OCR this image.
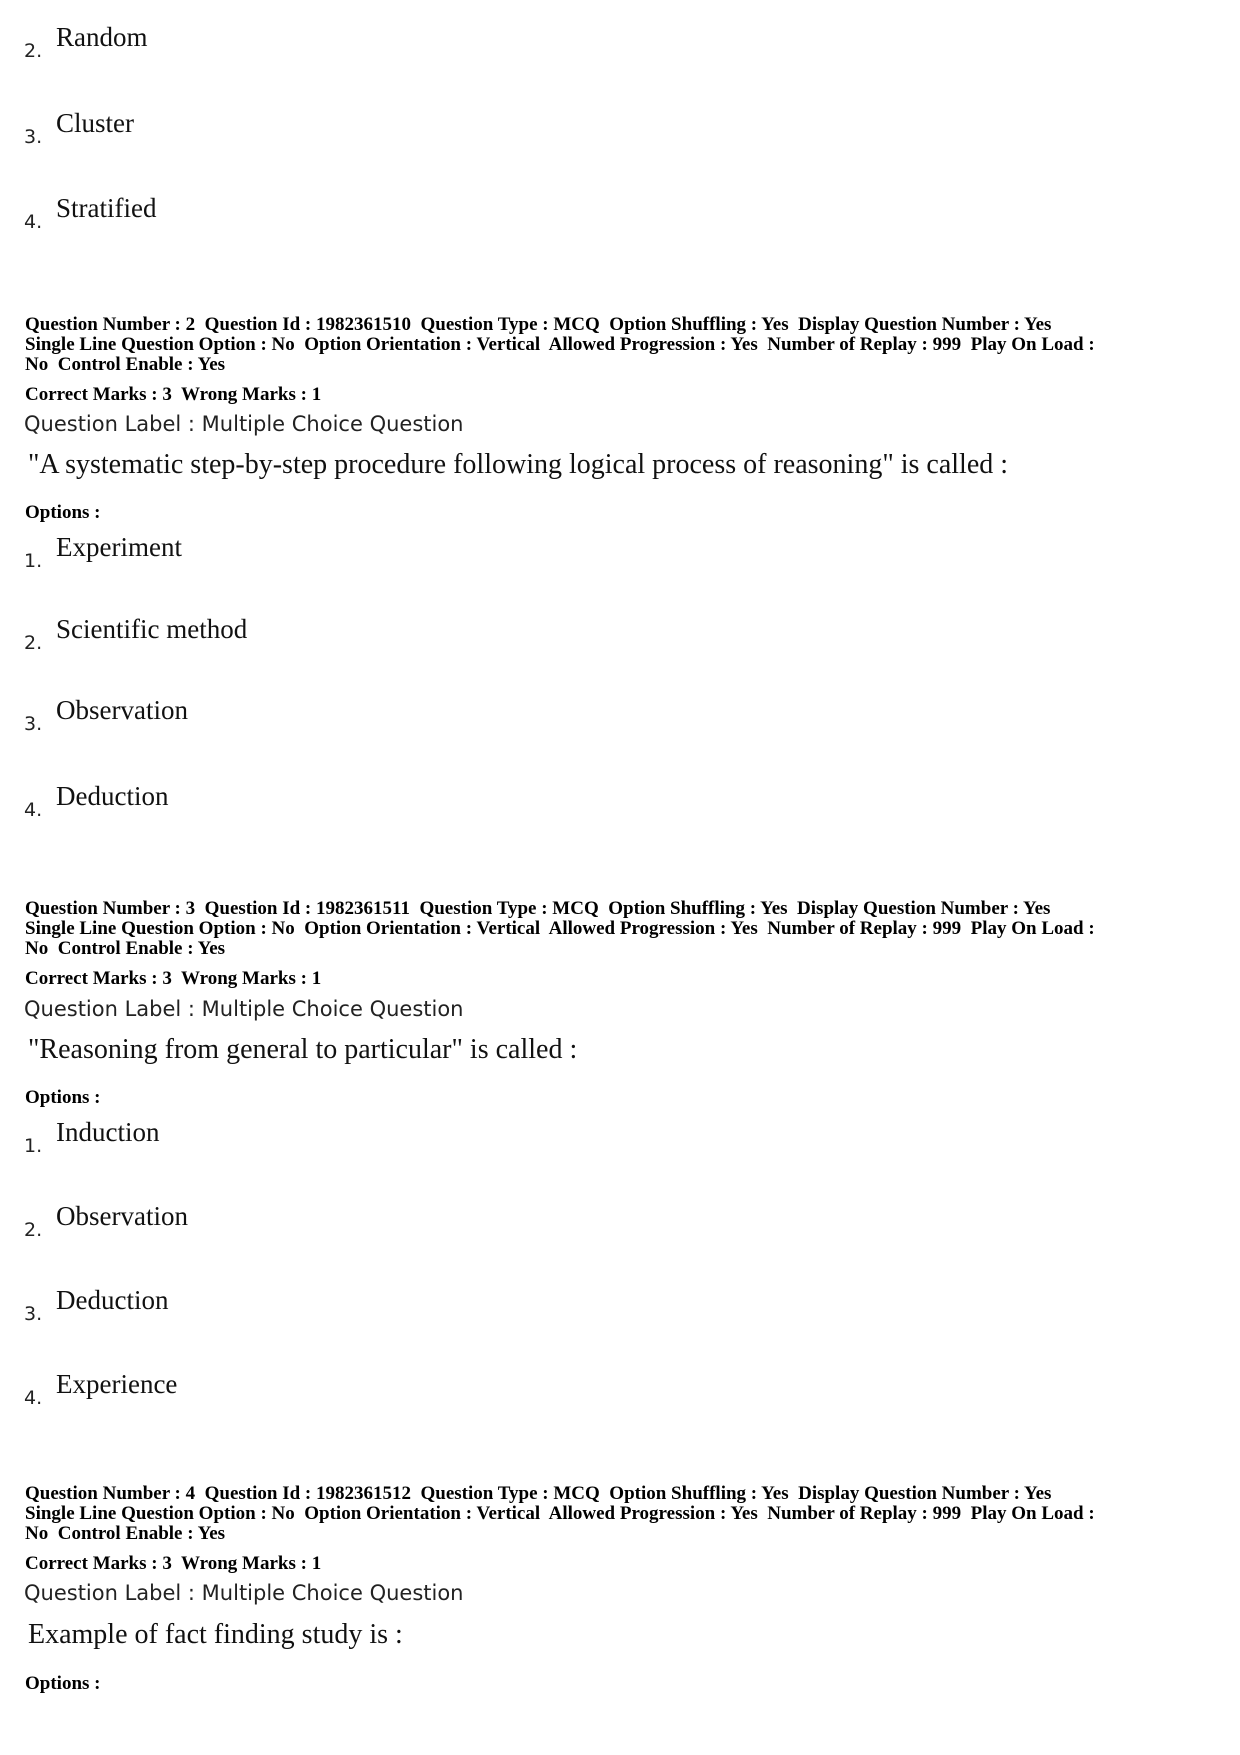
2. Random
3. Cluster
4. Stratified
Question Number : 2  Question Id : 1982361510  Question Type : MCQ  Option Shuffling : Yes  Display Question Number : Yes
Single Line Question Option : No  Option Orientation : Vertical  Allowed Progression : Yes  Number of Replay : 999  Play On Load :
No  Control Enable : Yes
Correct Marks : 3  Wrong Marks : 1
Question Label : Multiple Choice Question
"A systematic step-by-step procedure following logical process of reasoning" is called :
Options :
1. Experiment
2. Scientific method
3. Observation
4. Deduction
Question Number : 3  Question Id : 1982361511  Question Type : MCQ  Option Shuffling : Yes  Display Question Number : Yes
Single Line Question Option : No  Option Orientation : Vertical  Allowed Progression : Yes  Number of Replay : 999  Play On Load :
No  Control Enable : Yes
Correct Marks : 3  Wrong Marks : 1
Question Label : Multiple Choice Question
"Reasoning from general to particular" is called :
Options :
1. Induction
2. Observation
3. Deduction
4. Experience
Question Number : 4  Question Id : 1982361512  Question Type : MCQ  Option Shuffling : Yes  Display Question Number : Yes
Single Line Question Option : No  Option Orientation : Vertical  Allowed Progression : Yes  Number of Replay : 999  Play On Load :
No  Control Enable : Yes
Correct Marks : 3  Wrong Marks : 1
Question Label : Multiple Choice Question
Example of fact finding study is :
Options :
